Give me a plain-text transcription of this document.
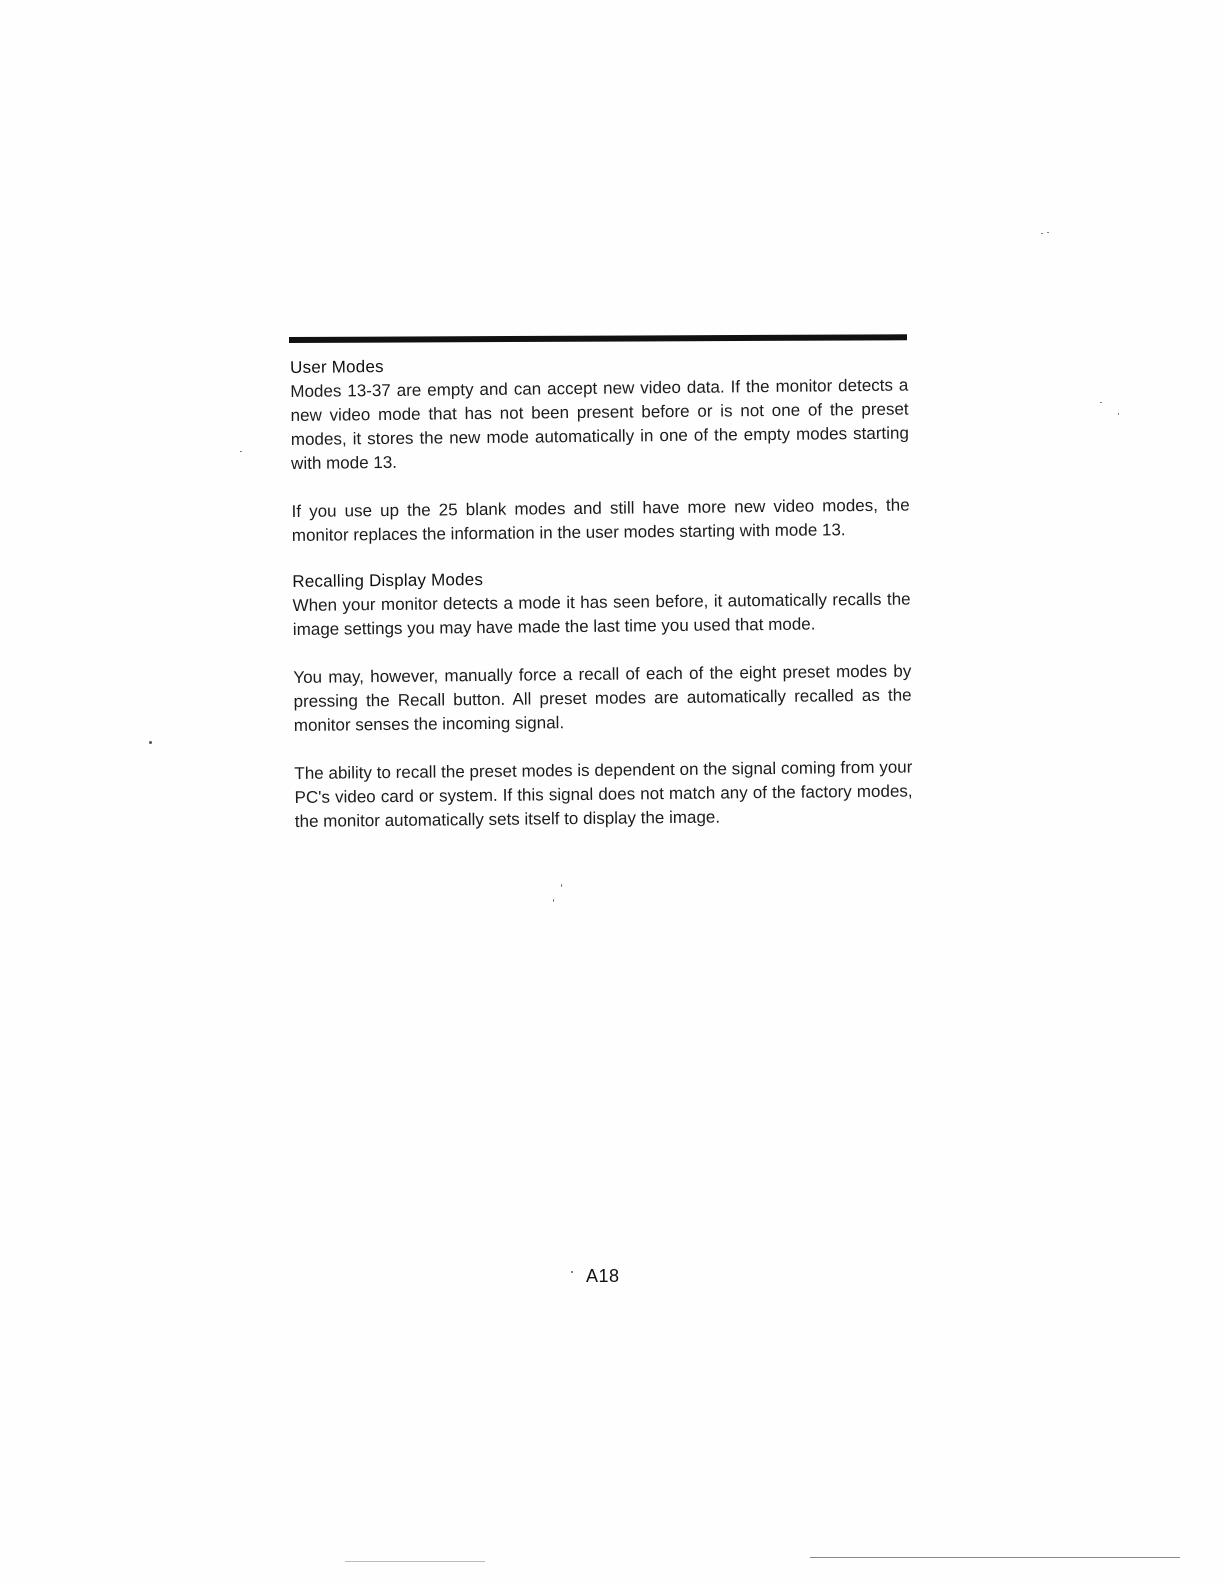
User Modes

Modes 13-37 are empty and can accept new video data. If the monitor detects a new video mode that has not been present before or is not one of the preset modes, it stores the new mode automatically in one of the empty modes starting with mode 13.

If you use up the 25 blank modes and still have more new video modes, the monitor replaces the information in the user modes starting with mode 13.

Recalling Display Modes

When your monitor detects a mode it has seen before, it automatically recalls the image settings you may have made the last time you used that mode.

You may, however, manually force a recall of each of the eight preset modes by pressing the Recall button. All preset modes are automatically recalled as the monitor senses the incoming signal.

The ability to recall the preset modes is dependent on the signal coming from your PC's video card or system. If this signal does not match any of the factory modes, the monitor automatically sets itself to display the image.

A18
